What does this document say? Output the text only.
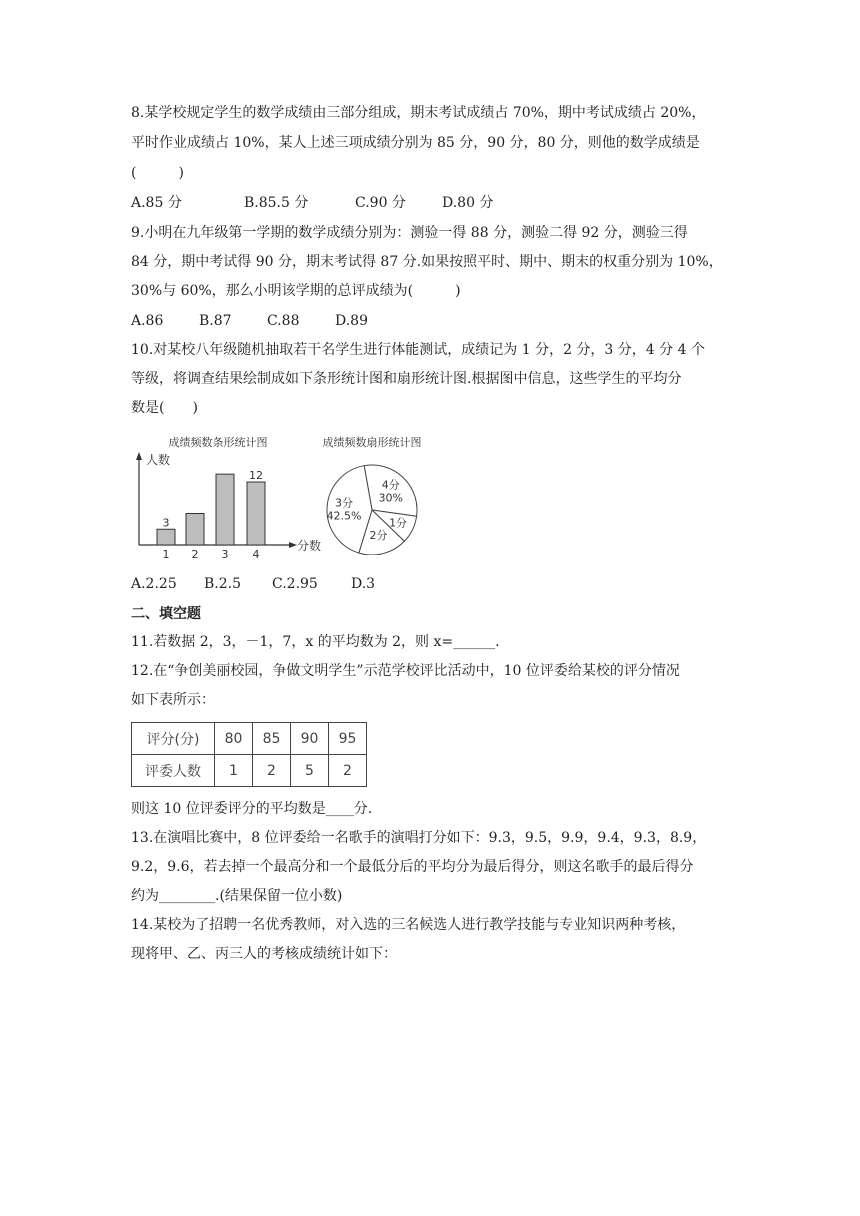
8.某学校规定学生的数学成绩由三部分组成，期末考试成绩占 70%，期中考试成绩占 20%，
平时作业成绩占 10%，某人上述三项成绩分别为 85 分，90 分，80 分，则他的数学成绩是
(　　　)
A.85 分	B.85.5 分	C.90 分	D.80 分
9.小明在九年级第一学期的数学成绩分别为：测验一得 88 分，测验二得 92 分，测验三得
84 分，期中考试得 90 分，期末考试得 87 分.如果按照平时、期中、期末的权重分别为 10%，
30%与 60%，那么小明该学期的总评成绩为(　　　)
A.86	B.87	C.88	D.89
10.对某校八年级随机抽取若干名学生进行体能测试，成绩记为 1 分，2 分，3 分，4 分 4 个
等级，将调查结果绘制成如下条形统计图和扇形统计图.根据图中信息，这些学生的平均分
数是(　　)
成绩频数条形统计图
人数
分数
1
3
2 3 4
12
成绩频数扇形统计图
4分
30%
1分
2分
3分
42.5%
A.2.25 B.2.5 C.2.95 D.3
二、填空题
11.若数据 2，3，－1，7，x 的平均数为 2，则 x=______.
12.在“争创美丽校园，争做文明学生”示范学校评比活动中，10 位评委给某校的评分情况
如下表所示：
评分(分)	80	85	90	95
评委人数	1	2	5	2
则这 10 位评委评分的平均数是____分.
13.在演唱比赛中，8 位评委给一名歌手的演唱打分如下：9.3，9.5，9.9，9.4，9.3，8.9，
9.2，9.6，若去掉一个最高分和一个最低分后的平均分为最后得分，则这名歌手的最后得分
约为________.(结果保留一位小数)
14.某校为了招聘一名优秀教师，对入选的三名候选人进行教学技能与专业知识两种考核，
现将甲、乙、丙三人的考核成绩统计如下：
